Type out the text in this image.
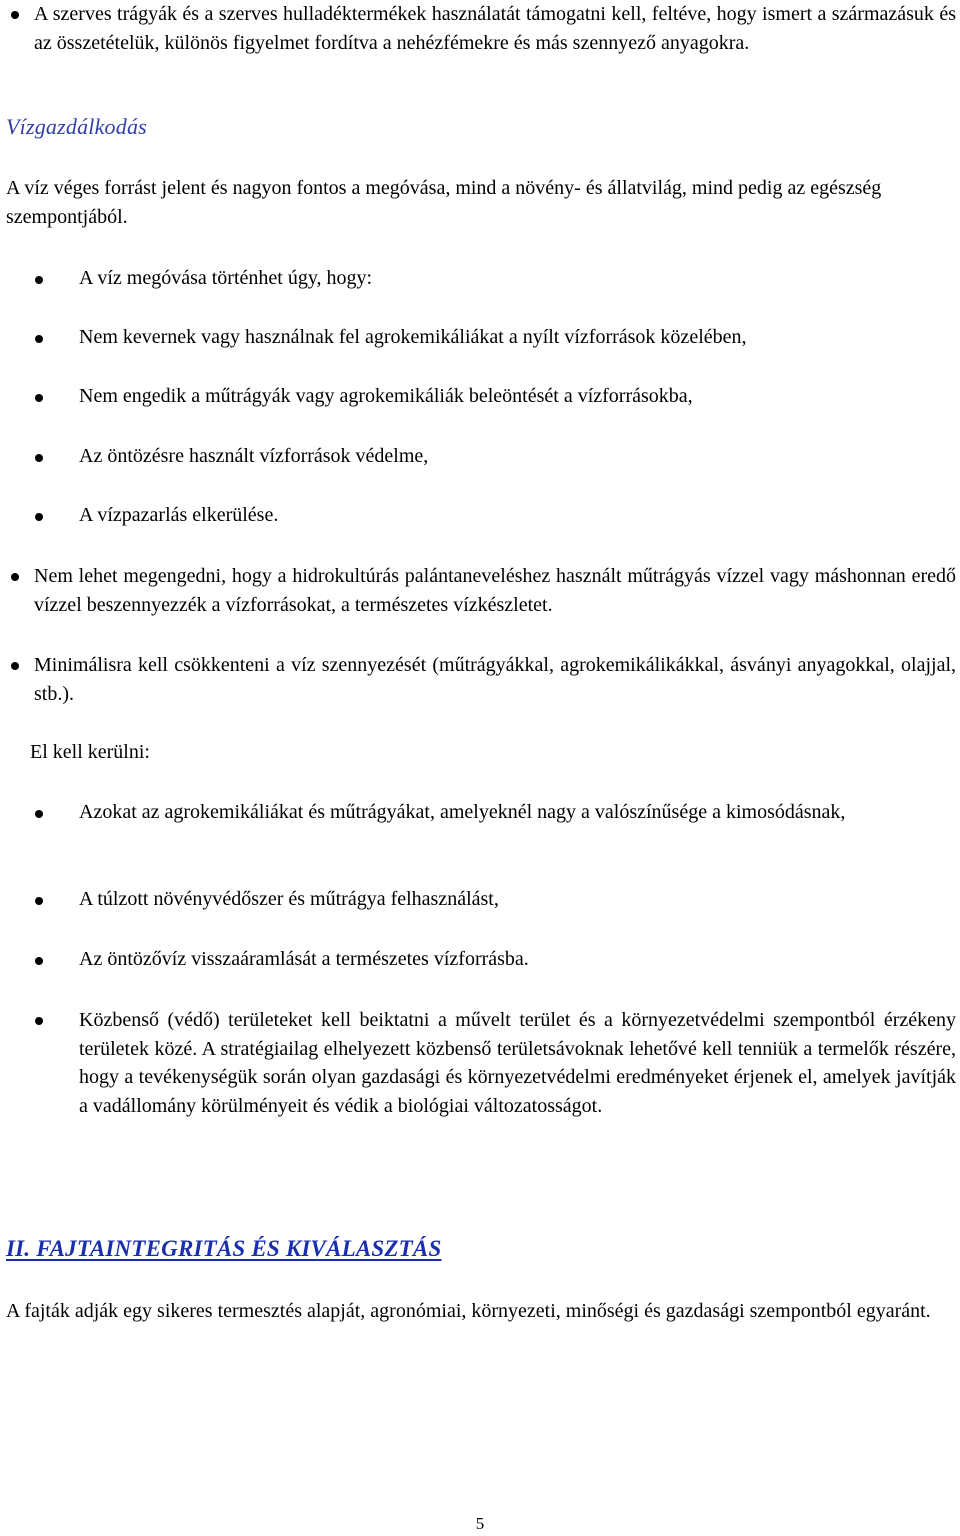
A szerves trágyák és a szerves hulladéktermékek használatát támogatni kell, feltéve, hogy ismert a származásuk és az összetételük, különös figyelmet fordítva a nehézfémekre és más szennyező anyagokra.

Vízgazdálkodás

A víz véges forrást jelent és nagyon fontos a megóvása, mind a növény- és állatvilág, mind pedig az egészség szempontjából.

A víz megóvása történhet úgy, hogy:

Nem kevernek vagy használnak fel agrokemikáliákat a nyílt vízforrások közelében,

Nem engedik a műtrágyák vagy agrokemikáliák beleöntését a vízforrásokba,

Az öntözésre használt vízforrások védelme,

A vízpazarlás elkerülése.

Nem lehet megengedni, hogy a hidrokultúrás palántaneveléshez használt műtrágyás vízzel vagy máshonnan eredő vízzel beszennyezzék a vízforrásokat, a természetes vízkészletet.

Minimálisra kell csökkenteni a víz szennyezését (műtrágyákkal, agrokemikálikákkal, ásványi anyagokkal, olajjal, stb.).

El kell kerülni:

Azokat az agrokemikáliákat és műtrágyákat, amelyeknél nagy a valószínűsége a kimosódásnak,

A túlzott növényvédőszer és műtrágya felhasználást,

Az öntözővíz visszaáramlását a természetes vízforrásba.

Közbenső (védő) területeket kell beiktatni a művelt terület és a környezetvédelmi szempontból érzékeny területek közé. A stratégiailag elhelyezett közbenső területsávoknak lehetővé kell tenniük a termelők részére, hogy a tevékenységük során olyan gazdasági és környezetvédelmi eredményeket érjenek el, amelyek javítják a vadállomány körülményeit és védik a biológiai változatosságot.

II. FAJTAINTEGRITÁS ÉS KIVÁLASZTÁS

A fajták adják egy sikeres termesztés alapját, agronómiai, környezeti, minőségi és gazdasági szempontból egyaránt.

5
